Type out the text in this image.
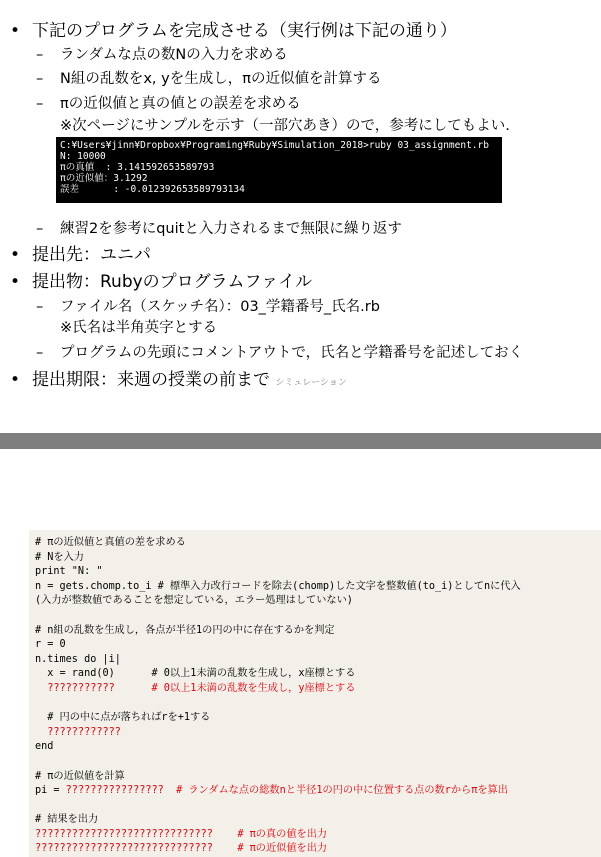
• 下記のプログラムを完成させる（実行例は下記の通り）
– ランダムな点の数Nの入力を求める
– N組の乱数をx, yを生成し，πの近似値を計算する
– πの近似値と真の値との誤差を求める
※次ページにサンプルを示す（一部穴あき）ので，参考にしてもよい.
C:¥Users¥jinn¥Dropbox¥Programing¥Ruby¥Simulation_2018>ruby 03_assignment.rb
N: 10000
πの真値  : 3.141592653589793
πの近似値：3.1292
誤差      : -0.012392653589793134
– 練習2を参考にquitと入力されるまで無限に繰り返す
• 提出先：ユニパ
• 提出物：Rubyのプログラムファイル
– ファイル名（スケッチ名）：03_学籍番号_氏名.rb
※氏名は半角英字とする
– プログラムの先頭にコメントアウトで，氏名と学籍番号を記述しておく
• 提出期限：来週の授業の前まで シミュレーション
# πの近似値と真値の差を求める
# Nを入力
print "N: "
n = gets.chomp.to_i # 標準入力改行コードを除去(chomp)した文字を整数値(to_i)としてnに代入
(入力が整数値であることを想定している，エラー処理はしていない)
# n組の乱数を生成し，各点が半径1の円の中に存在するかを判定
r = 0
n.times do |i|
x = rand(0)      # 0以上1未満の乱数を生成し，x座標とする
???????????      # 0以上1未満の乱数を生成し，y座標とする
# 円の中に点が落ちればrを+1する
????????????
end
# πの近似値を計算
pi = ????????????????  # ランダムな点の総数nと半径1の円の中に位置する点の数rからπを算出
# 結果を出力
?????????????????????????????    # πの真の値を出力
?????????????????????????????    # πの近似値を出力
